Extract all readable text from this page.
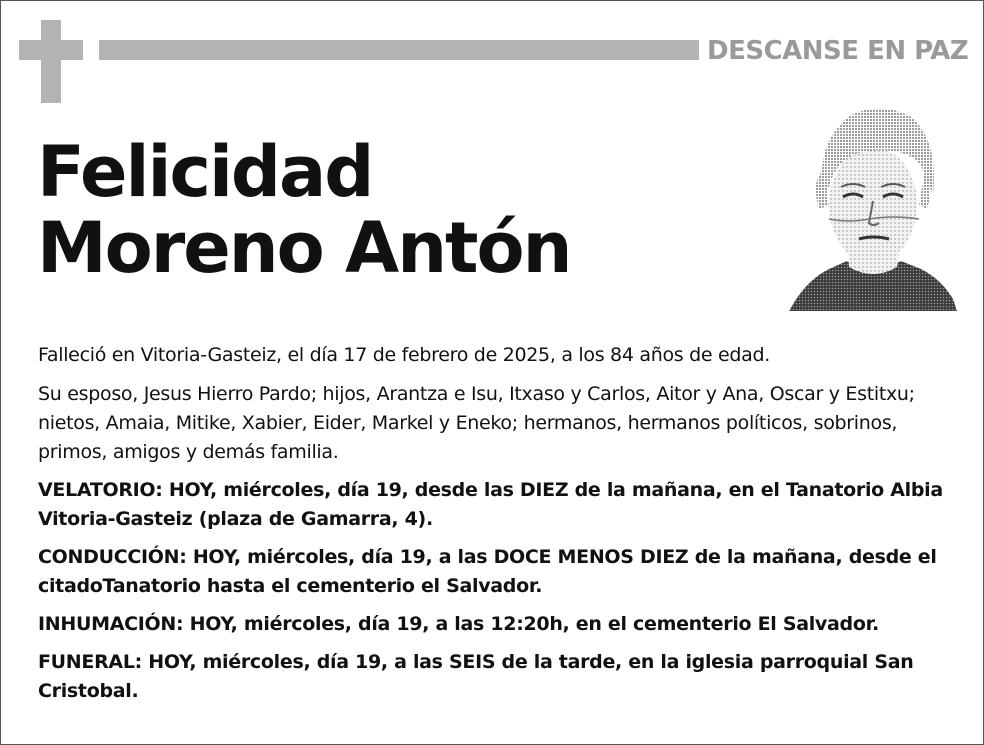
DESCANSE EN PAZ
Felicidad
Moreno Antón

Falleció en Vitoria-Gasteiz, el día 17 de febrero de 2025, a los 84 años de edad.

Su esposo, Jesus Hierro Pardo; hijos, Arantza e Isu, Itxaso y Carlos, Aitor y Ana, Oscar y Estitxu; nietos, Amaia, Mitike, Xabier, Eider, Markel y Eneko; hermanos, hermanos políticos, sobrinos, primos, amigos y demás familia.

VELATORIO: HOY, miércoles, día 19, desde las DIEZ de la mañana, en el Tanatorio Albia Vitoria-Gasteiz (plaza de Gamarra, 4).

CONDUCCIÓN: HOY, miércoles, día 19, a las DOCE MENOS DIEZ de la mañana, desde el citadoTanatorio hasta el cementerio el Salvador.

INHUMACIÓN: HOY, miércoles, día 19, a las 12:20h, en el cementerio El Salvador.

FUNERAL: HOY, miércoles, día 19, a las SEIS de la tarde, en la iglesia parroquial San Cristobal.
